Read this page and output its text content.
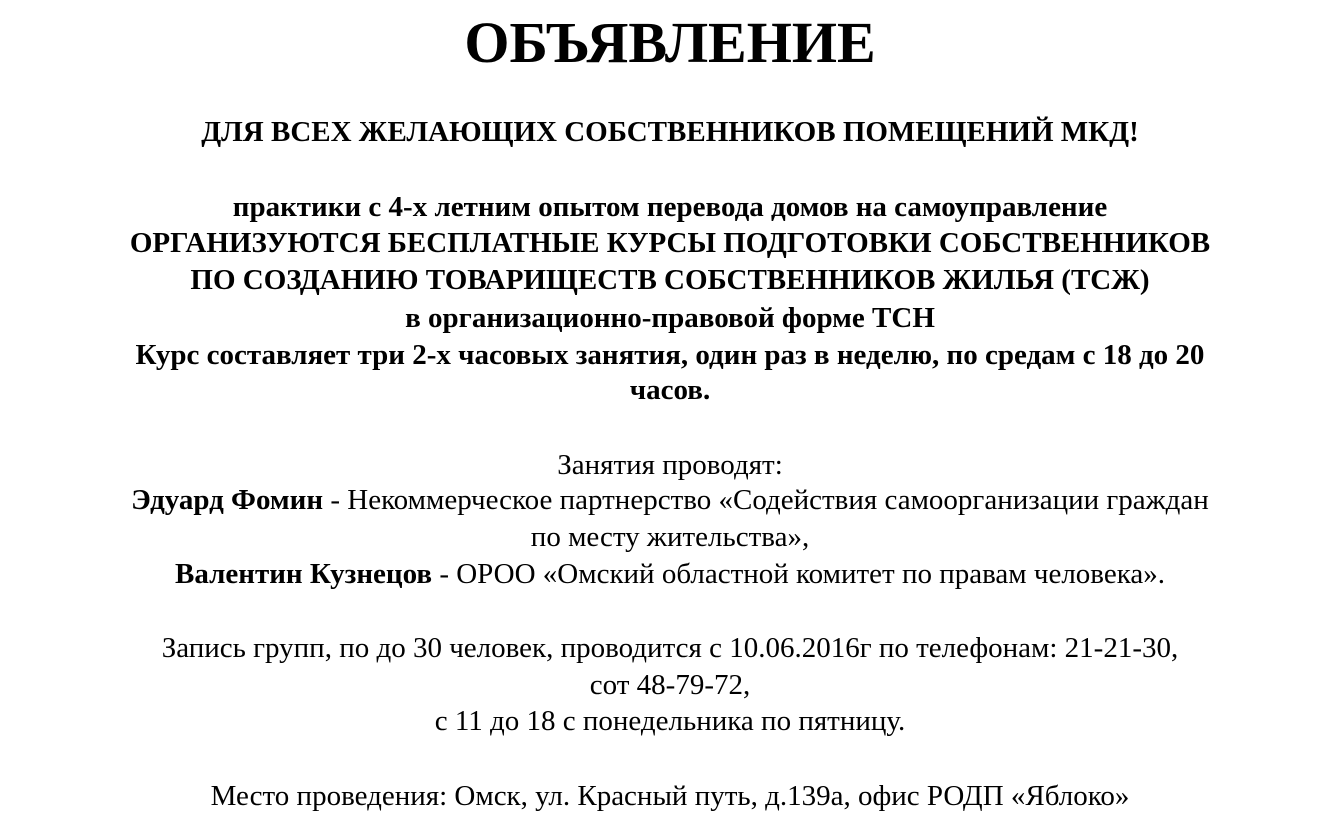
ОБЪЯВЛЕНИЕ
ДЛЯ ВСЕХ ЖЕЛАЮЩИХ СОБСТВЕННИКОВ ПОМЕЩЕНИЙ МКД!
практики с 4-х летним опытом перевода домов на самоуправление
ОРГАНИЗУЮТСЯ БЕСПЛАТНЫЕ КУРСЫ ПОДГОТОВКИ СОБСТВЕННИКОВ
ПО СОЗДАНИЮ ТОВАРИЩЕСТВ СОБСТВЕННИКОВ ЖИЛЬЯ (ТСЖ)
в организационно-правовой форме ТСН
Курс составляет три 2-х часовых занятия, один раз в неделю, по средам с 18 до 20
часов.
Занятия проводят:
Эдуард Фомин - Некоммерческое партнерство «Содействия самоорганизации граждан
по месту жительства»,
Валентин Кузнецов - ОРОО «Омский областной комитет по правам человека».
Запись групп, по до 30 человек, проводится с 10.06.2016г по телефонам: 21-21-30,
сот 48-79-72,
с 11 до 18 с понедельника по пятницу.
Место проведения: Омск, ул. Красный путь, д.139а, офис РОДП «Яблоко»
